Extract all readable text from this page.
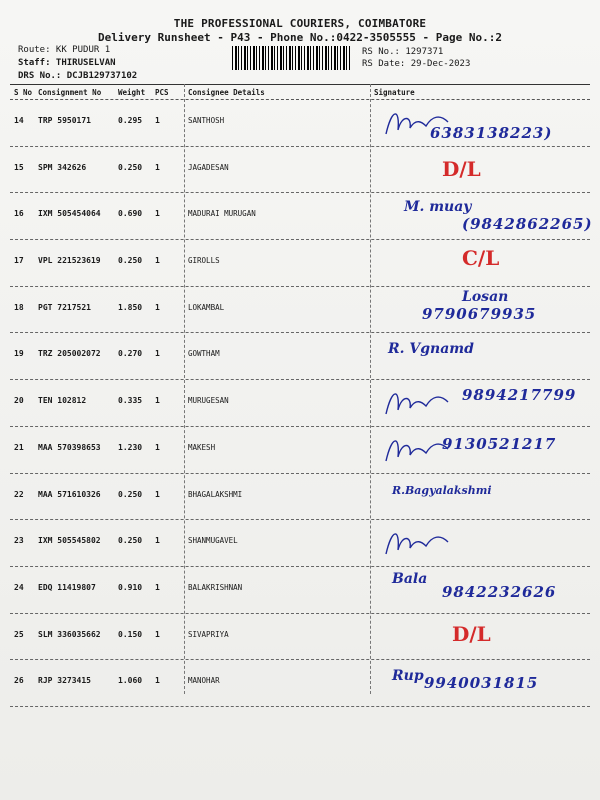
THE PROFESSIONAL COURIERS, COIMBATORE
Delivery Runsheet - P43 - Phone No.:0422-3505555 - Page No.:2
Route: KK PUDUR 1
Staff: THIRUSELVAN
DRS No.: DCJB129737102
RS No.: 1297371
RS Date: 29-Dec-2023
S No Consignment No Weight PCS	Consignee Details	Signature
14 TRP 5950171	0.295 1	SANTHOSH
6383138223)
15 SPM 342626	0.250 1	JAGADESAN	D/L
16 IXM 505454064 0.690 1	MADURAI MURUGAN	M. muay
(9842862265)
17 VPL 221523619 0.250 1	GIROLLS	C/L
18 PGT 7217521	1.850 1	LOKAMBAL
Losan
9790679935
19 TRZ 205002072 0.270 1	GOWTHAM	R. Vgnamd
20 TEN 102812	0.335 1	MURUGESAN	9894217799
21 MAA 570398653 1.230 1	MAKESH	9130521217
22 MAA 571610326 0.250 1	BHAGALAKSHMI	R.Bagyalakshmi
23 IXM 505545802 0.250 1	SHANMUGAVEL
24 EDQ 11419807	0.910 1	BALAKRISHNAN
Bala
9842232626
25 SLM 336035662 0.150 1	SIVAPRIYA	D/L
26 RJP 3273415	1.060 1	MANOHAR	Rup 9940031815
